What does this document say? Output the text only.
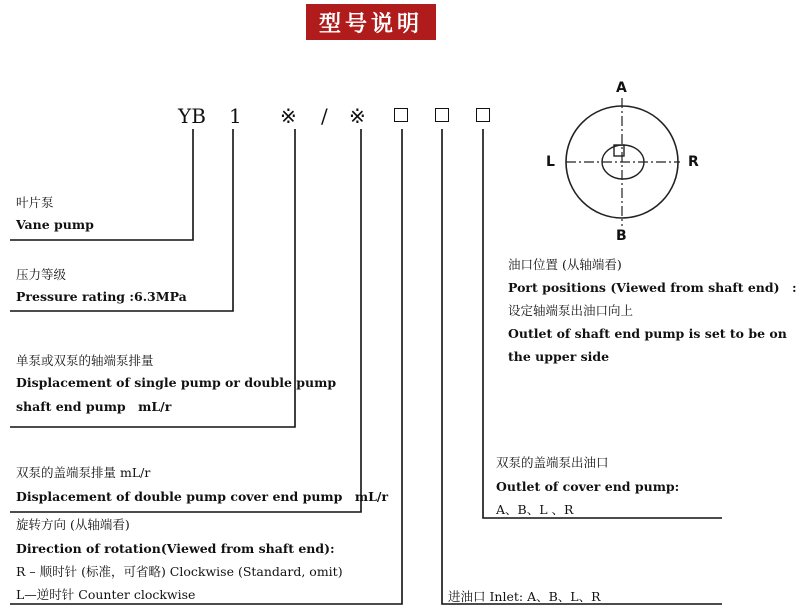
型号说明
YB 1 ※ / ※
A
B
L	R
叶片泵
Vane pump
压力等级
Pressure rating :6.3MPa
单泵或双泵的轴端泵排量
Displacement of single pump or double pump
shaft end pump　mL/r
双泵的盖端泵排量 mL/r
Displacement of double pump cover end pump　mL/r
旋转方向 (从轴端看)
Direction of rotation(Viewed from shaft end):
R – 顺时针 (标准，可省略) Clockwise (Standard, omit)
L—逆时针 Counter clockwise
油口位置 (从轴端看)
Port positions (Viewed from shaft end)　:
设定轴端泵出油口向上
Outlet of shaft end pump is set to be on
the upper side
双泵的盖端泵出油口
Outlet of cover end pump:
A、B、L 、R
进油口 Inlet: A、B、L、R
